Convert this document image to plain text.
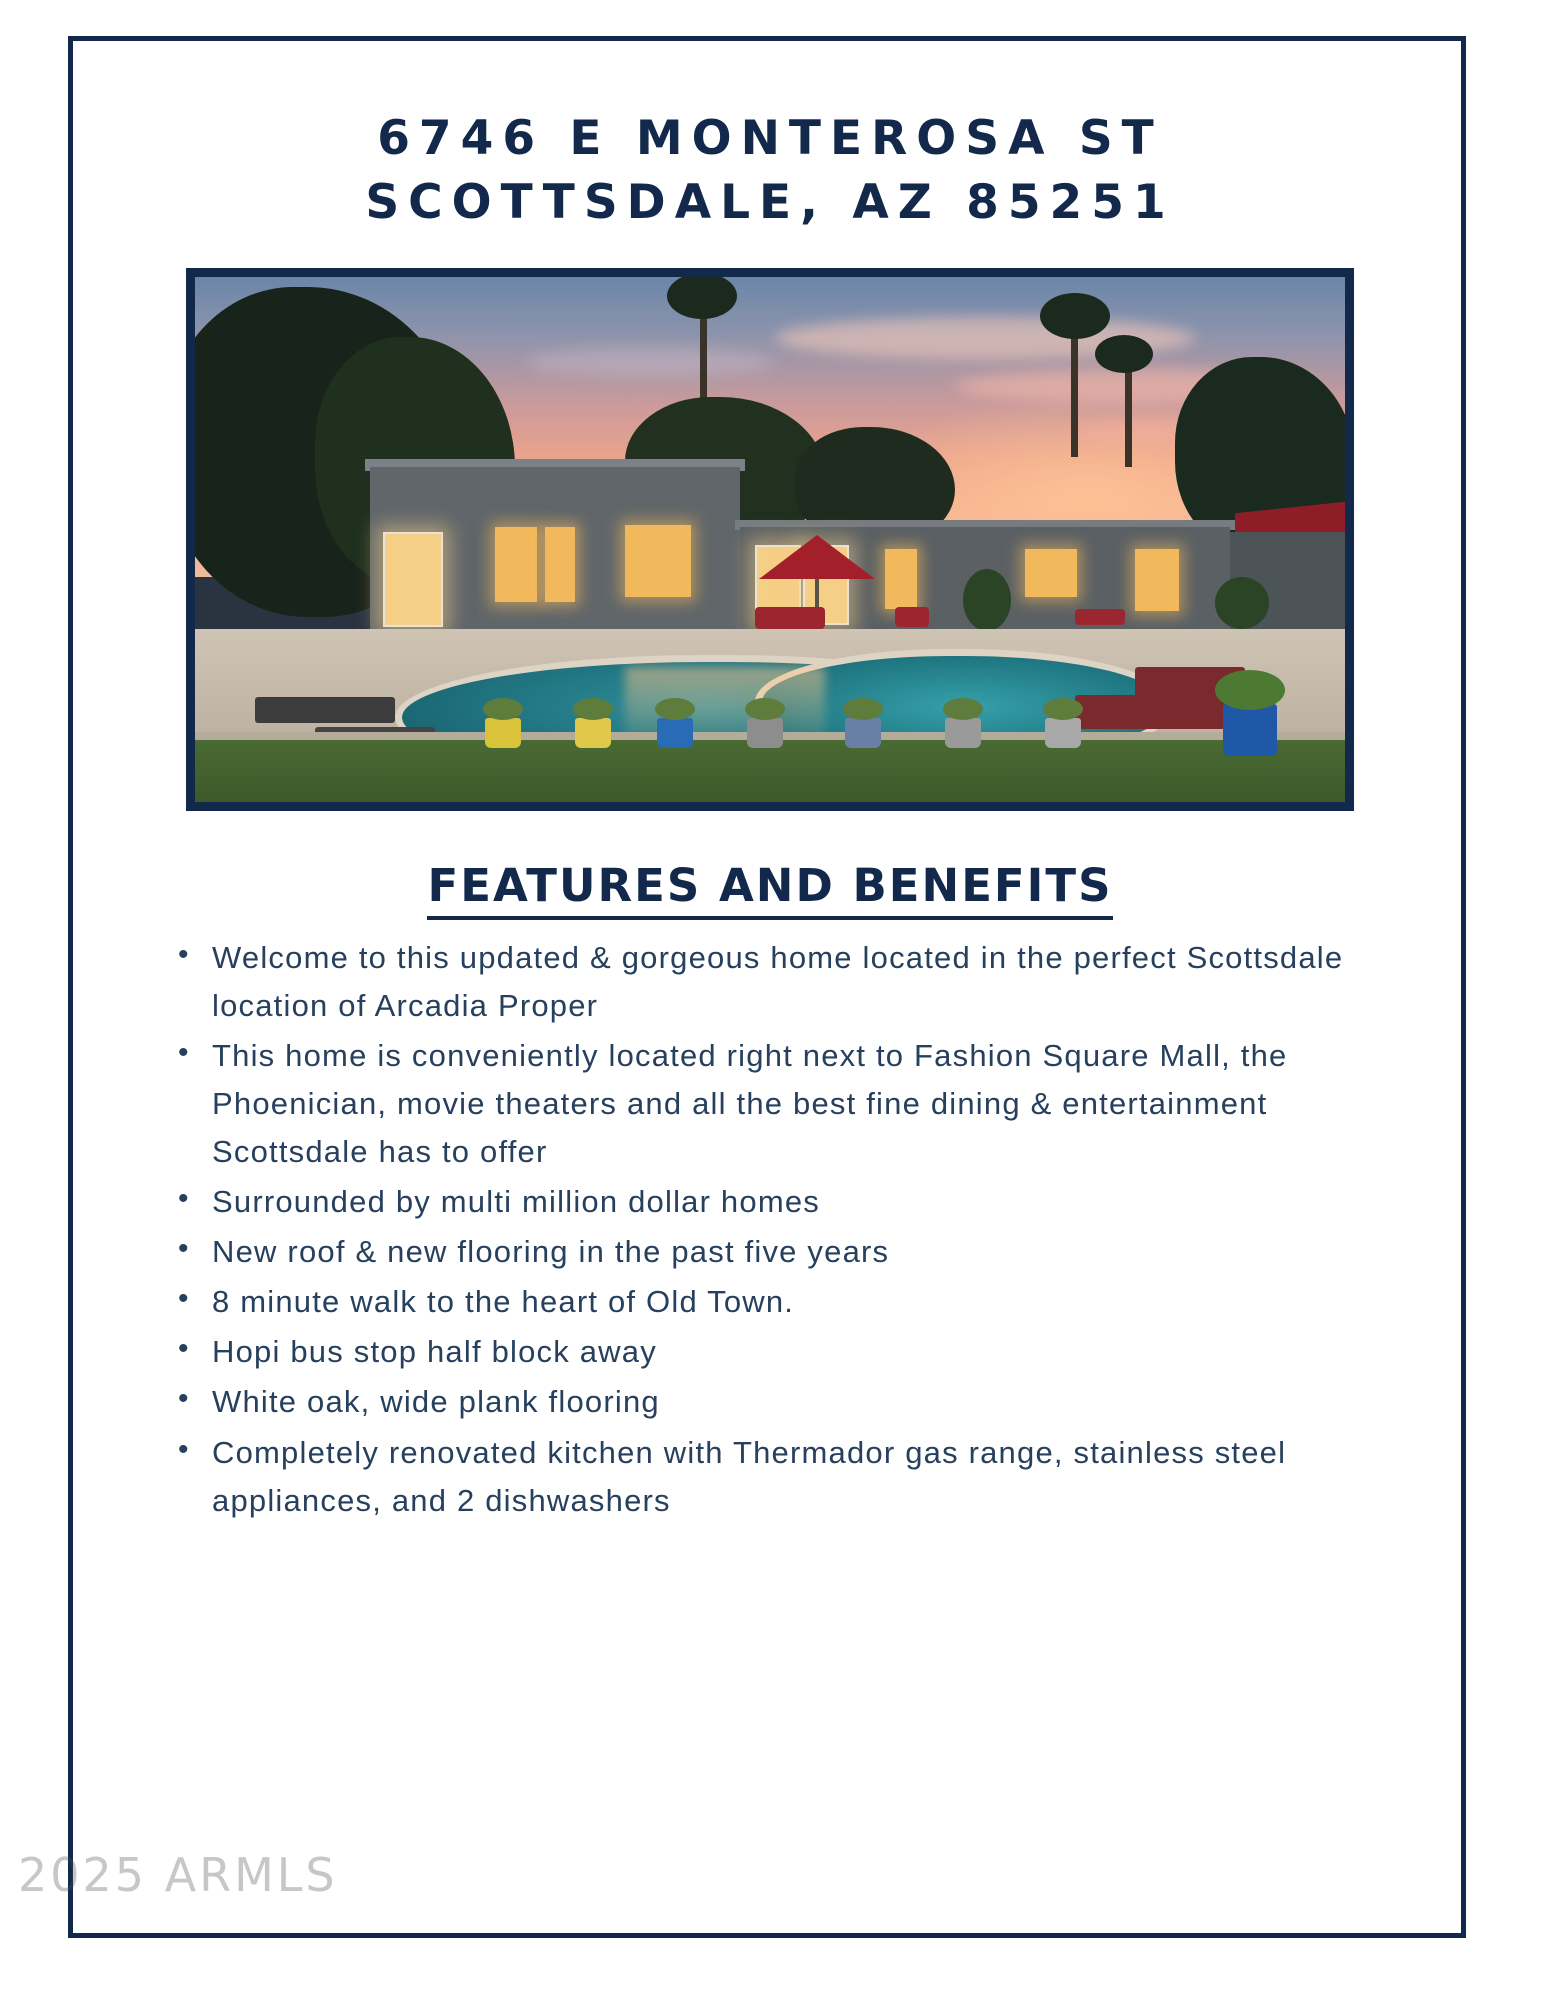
6746 E MONTEROSA ST
SCOTTSDALE, AZ 85251
FEATURES AND BENEFITS
• Welcome to this updated & gorgeous home located in the perfect Scottsdale location of Arcadia Proper
• This home is conveniently located right next to Fashion Square Mall, the Phoenician, movie theaters and all the best fine dining & entertainment Scottsdale has to offer
• Surrounded by multi million dollar homes
• New roof & new flooring in the past five years
• 8 minute walk to the heart of Old Town.
• Hopi bus stop half block away
• White oak, wide plank flooring
• Completely renovated kitchen with Thermador gas range, stainless steel appliances, and 2 dishwashers
2025 ARMLS
